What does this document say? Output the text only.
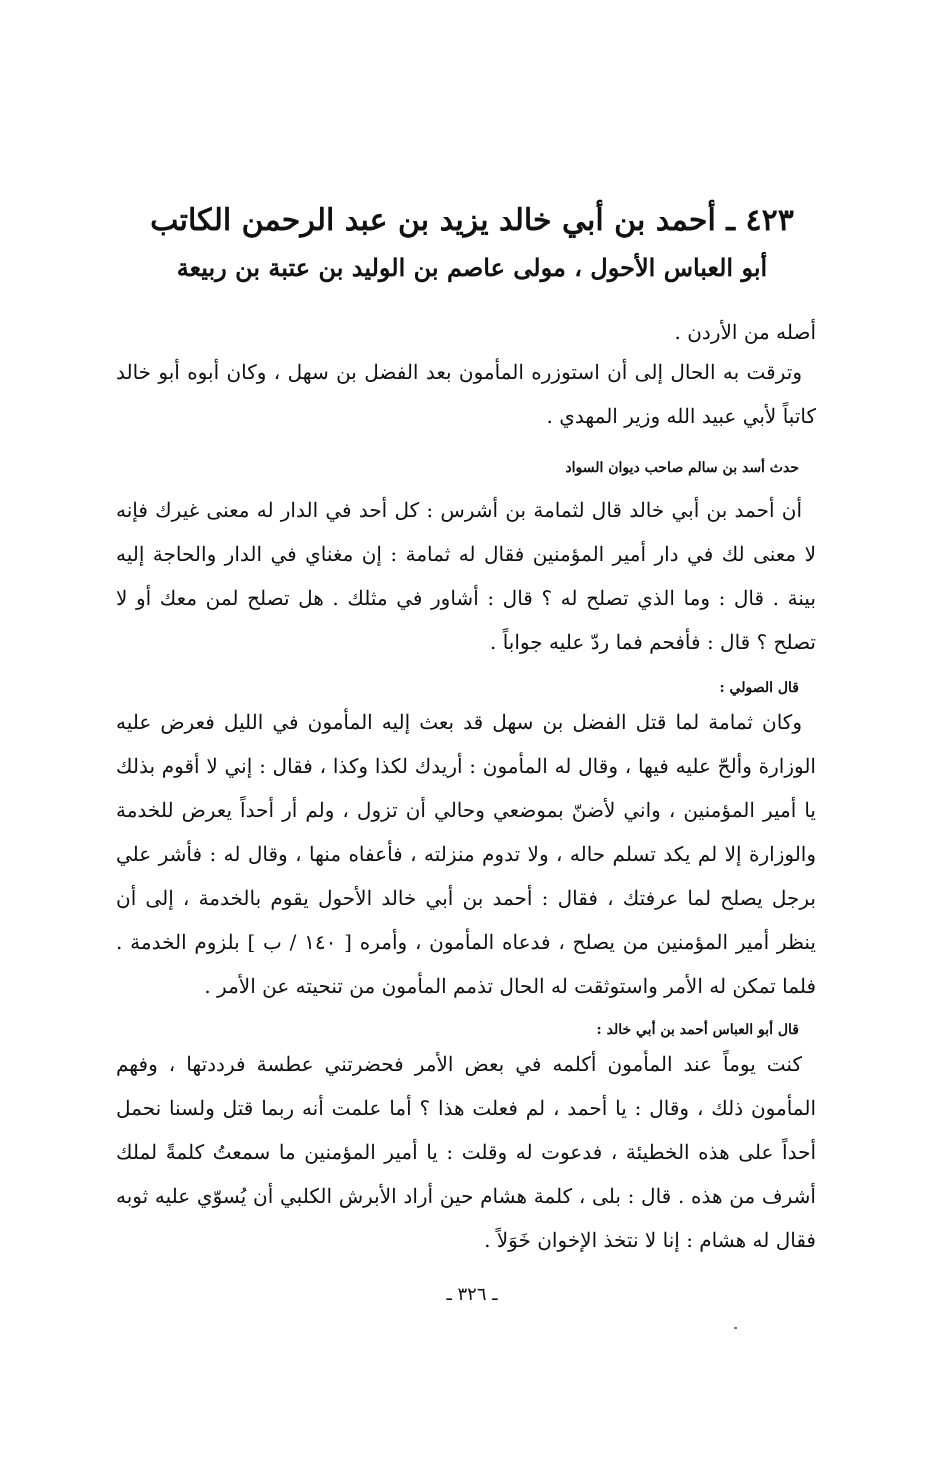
٤٢٣ ـ أحمد بن أبي خالد يزيد بن عبد الرحمن الكاتب
أبو العباس الأحول ، مولى عاصم بن الوليد بن عتبة بن ربيعة

أصله من الأردن .

وترقت به الحال إلى أن استوزره المأمون بعد الفضل بن سهل ، وكان أبوه أبو خالد كاتباً لأبي عبيد الله وزير المهدي .

حدث أسد بن سالم صاحب ديوان السواد

أن أحمد بن أبي خالد قال لثمامة بن أشرس : كل أحد في الدار له معنى غيرك فإنه لا معنى لك في دار أمير المؤمنين فقال له ثمامة : إن مغناي في الدار والحاجة إليه بينة . قال : وما الذي تصلح له ؟ قال : أشاور في مثلك . هل تصلح لمن معك أو لا تصلح ؟ قال : فأفحم فما ردّ عليه جواباً .

قال الصولي :

وكان ثمامة لما قتل الفضل بن سهل قد بعث إليه المأمون في الليل فعرض عليه الوزارة وألحّ عليه فيها ، وقال له المأمون : أريدك لكذا وكذا ، فقال : إني لا أقوم بذلك يا أمير المؤمنين ، واني لأضنّ بموضعي وحالي أن تزول ، ولم أر أحداً يعرض للخدمة والوزارة إلا لم يكد تسلم حاله ، ولا تدوم منزلته ، فأعفاه منها ، وقال له : فأشر علي برجل يصلح لما عرفتك ، فقال : أحمد بن أبي خالد الأحول يقوم بالخدمة ، إلى أن ينظر أمير المؤمنين من يصلح ، فدعاه المأمون ، وأمره [ ١٤٠ / ب ] بلزوم الخدمة . فلما تمكن له الأمر واستوثقت له الحال تذمم المأمون من تنحيته عن الأمر .

قال أبو العباس أحمد بن أبي خالد :

كنت يوماً عند المأمون أكلمه في بعض الأمر فحضرتني عطسة فرددتها ، وفهم المأمون ذلك ، وقال : يا أحمد ، لم فعلت هذا ؟ أما علمت أنه ربما قتل ولسنا نحمل أحداً على هذه الخطيئة ، فدعوت له وقلت : يا أمير المؤمنين ما سمعتُ كلمةً لملك أشرف من هذه . قال : بلى ، كلمة هشام حين أراد الأبرش الكلبي أن يُسوّي عليه ثوبه فقال له هشام : إنا لا نتخذ الإخوان خَوَلاً .

ـ ٣٢٦ ـ
